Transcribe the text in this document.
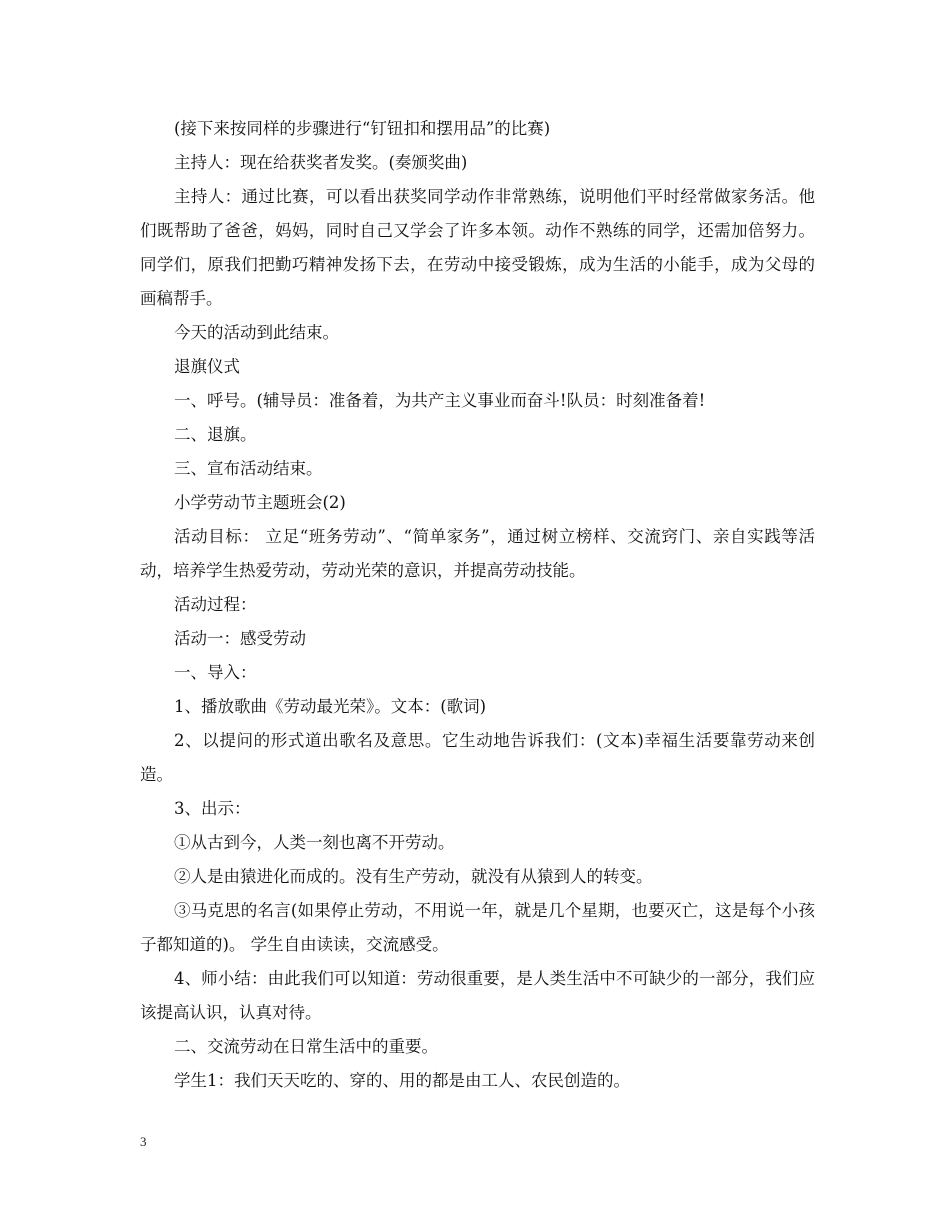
(接下来按同样的步骤进行“钉钮扣和摆用品”的比赛)

主持人：现在给获奖者发奖。(奏颁奖曲)

主持人：通过比赛，可以看出获奖同学动作非常熟练，说明他们平时经常做家务活。他们既帮助了爸爸，妈妈，同时自己又学会了许多本领。动作不熟练的同学，还需加倍努力。同学们，原我们把勤巧精神发扬下去，在劳动中接受锻炼，成为生活的小能手，成为父母的画稿帮手。

今天的活动到此结束。

退旗仪式

一、呼号。(辅导员：准备着，为共产主义事业而奋斗!队员：时刻准备着!

二、退旗。

三、宣布活动结束。

小学劳动节主题班会(2)

活动目标： 立足“班务劳动”、“简单家务”，通过树立榜样、交流窍门、亲自实践等活动，培养学生热爱劳动，劳动光荣的意识，并提高劳动技能。

活动过程：

活动一：感受劳动

一、导入：

1、播放歌曲《劳动最光荣》。文本：(歌词)

2、以提问的形式道出歌名及意思。它生动地告诉我们：(文本)幸福生活要靠劳动来创造。

3、出示：

①从古到今，人类一刻也离不开劳动。

②人是由猿进化而成的。没有生产劳动，就没有从猿到人的转变。

③马克思的名言(如果停止劳动，不用说一年，就是几个星期，也要灭亡，这是每个小孩子都知道的)。 学生自由读读，交流感受。

4、师小结：由此我们可以知道：劳动很重要，是人类生活中不可缺少的一部分，我们应该提高认识，认真对待。

二、交流劳动在日常生活中的重要。

学生1：我们天天吃的、穿的、用的都是由工人、农民创造的。

3
